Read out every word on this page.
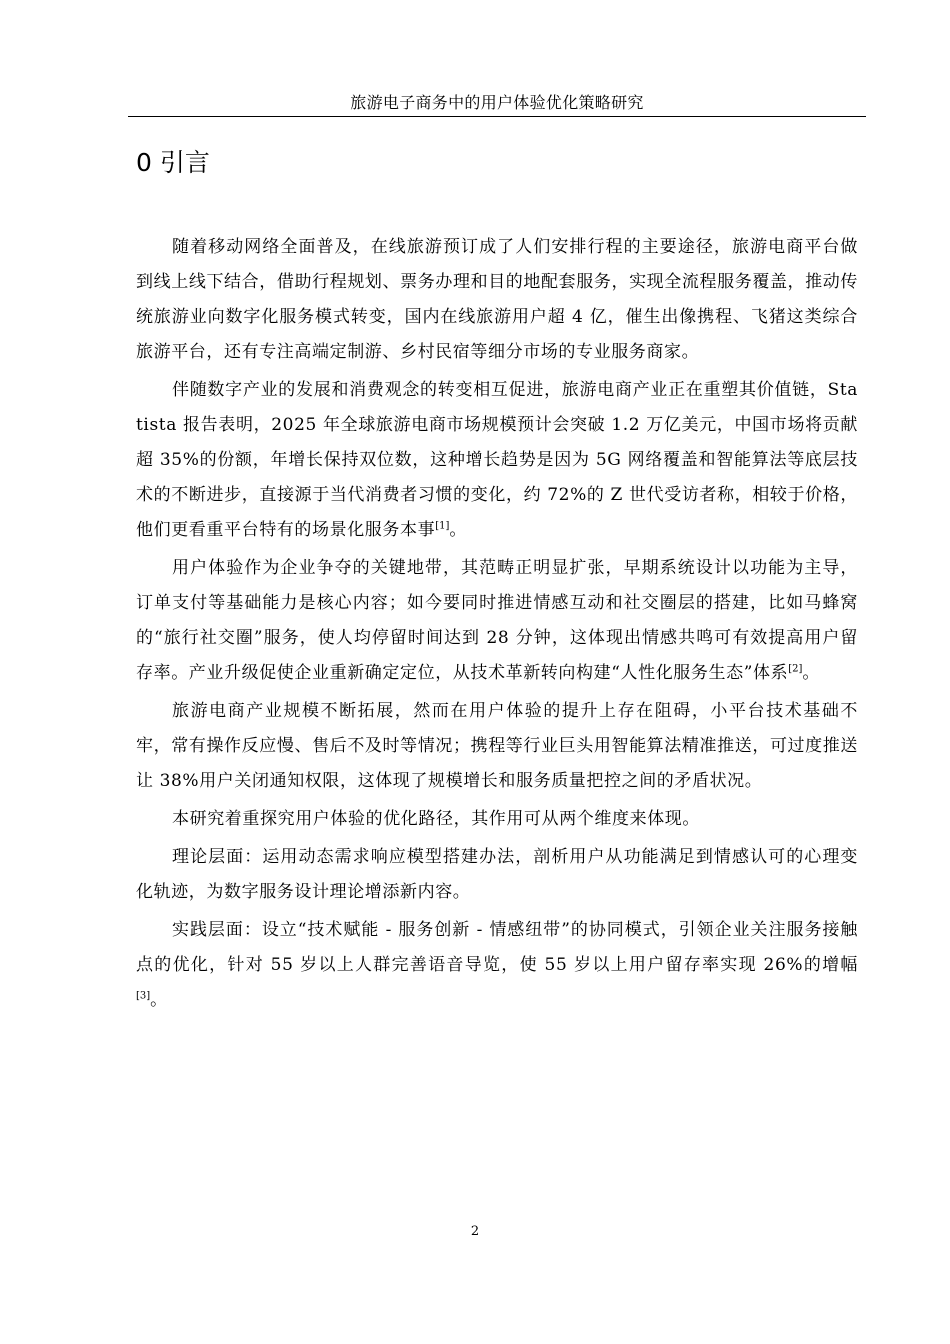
旅游电子商务中的用户体验优化策略研究
0 引言

随着移动网络全面普及，在线旅游预订成了人们安排行程的主要途径，旅游电商平台做到线上线下结合，借助行程规划、票务办理和目的地配套服务，实现全流程服务覆盖，推动传统旅游业向数字化服务模式转变，国内在线旅游用户超 4 亿，催生出像携程、飞猪这类综合旅游平台，还有专注高端定制游、乡村民宿等细分市场的专业服务商家。

伴随数字产业的发展和消费观念的转变相互促进，旅游电商产业正在重塑其价值链，Statista 报告表明，2025 年全球旅游电商市场规模预计会突破 1.2 万亿美元，中国市场将贡献超 35%的份额，年增长保持双位数，这种增长趋势是因为 5G 网络覆盖和智能算法等底层技术的不断进步，直接源于当代消费者习惯的变化，约 72%的 Z 世代受访者称，相较于价格，他们更看重平台特有的场景化服务本事[1]。

用户体验作为企业争夺的关键地带，其范畴正明显扩张，早期系统设计以功能为主导，订单支付等基础能力是核心内容；如今要同时推进情感互动和社交圈层的搭建，比如马蜂窝的“旅行社交圈”服务，使人均停留时间达到 28 分钟，这体现出情感共鸣可有效提高用户留存率。产业升级促使企业重新确定定位，从技术革新转向构建“人性化服务生态”体系[2]。

旅游电商产业规模不断拓展，然而在用户体验的提升上存在阻碍，小平台技术基础不牢，常有操作反应慢、售后不及时等情况；携程等行业巨头用智能算法精准推送，可过度推送让 38%用户关闭通知权限，这体现了规模增长和服务质量把控之间的矛盾状况。

本研究着重探究用户体验的优化路径，其作用可从两个维度来体现。

理论层面：运用动态需求响应模型搭建办法，剖析用户从功能满足到情感认可的心理变化轨迹，为数字服务设计理论增添新内容。

实践层面：设立“技术赋能 - 服务创新 - 情感纽带”的协同模式，引领企业关注服务接触点的优化，针对 55 岁以上人群完善语音导览，使 55 岁以上用户留存率实现 26%的增幅[3]。

2
